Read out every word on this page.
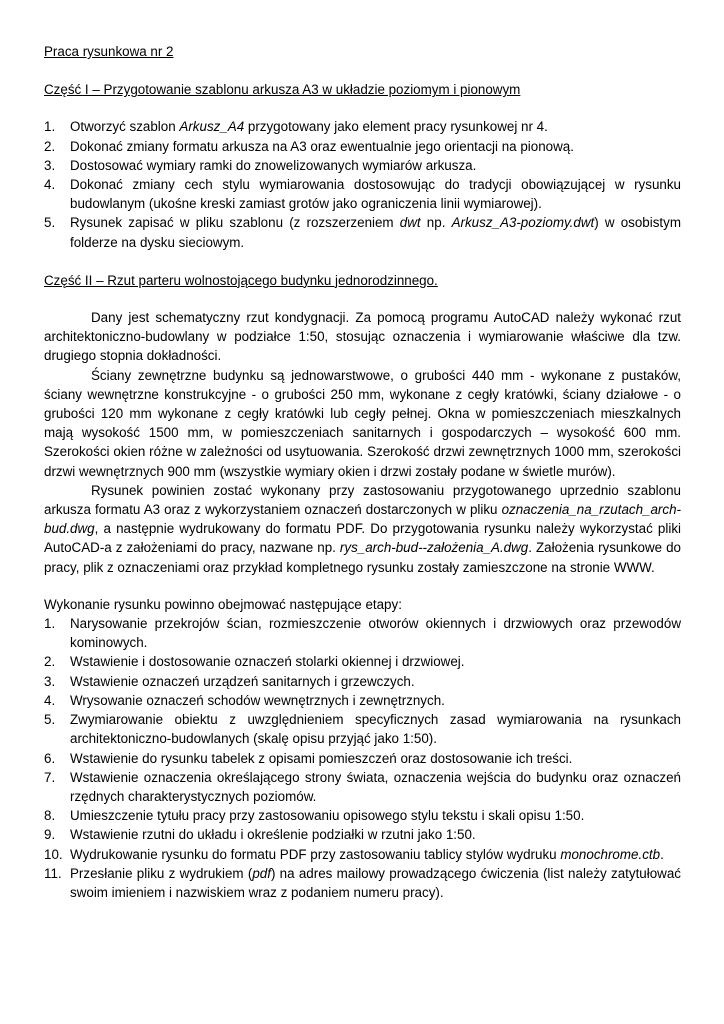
Praca rysunkowa nr 2
Część I – Przygotowanie szablonu arkusza A3 w układzie poziomym i pionowym
1. Otworzyć szablon Arkusz_A4 przygotowany jako element pracy rysunkowej nr 4.
2. Dokonać zmiany formatu arkusza na A3 oraz ewentualnie jego orientacji na pionową.
3. Dostosować wymiary ramki do znowelizowanych wymiarów arkusza.
4. Dokonać zmiany cech stylu wymiarowania dostosowując do tradycji obowiązującej w rysunku budowlanym (ukośne kreski zamiast grotów jako ograniczenia linii wymiarowej).
5. Rysunek zapisać w pliku szablonu (z rozszerzeniem dwt np. Arkusz_A3-poziomy.dwt) w osobistym folderze na dysku sieciowym.
Część II – Rzut parteru wolnostojącego budynku jednorodzinnego.

Dany jest schematyczny rzut kondygnacji. Za pomocą programu AutoCAD należy wykonać rzut architektoniczno-budowlany w podziałce 1:50, stosując oznaczenia i wymiarowanie właściwe dla tzw. drugiego stopnia dokładności.

Ściany zewnętrzne budynku są jednowarstwowe, o grubości 440 mm - wykonane z pustaków, ściany wewnętrzne konstrukcyjne - o grubości 250 mm, wykonane z cegły kratówki, ściany działowe - o grubości 120 mm wykonane z cegły kratówki lub cegły pełnej. Okna w pomieszczeniach mieszkalnych mają wysokość 1500 mm, w pomieszczeniach sanitarnych i gospodarczych – wysokość 600 mm. Szerokości okien różne w zależności od usytuowania. Szerokość drzwi zewnętrznych 1000 mm, szerokości drzwi wewnętrznych 900 mm (wszystkie wymiary okien i drzwi zostały podane w świetle murów).

Rysunek powinien zostać wykonany przy zastosowaniu przygotowanego uprzednio szablonu arkusza formatu A3 oraz z wykorzystaniem oznaczeń dostarczonych w pliku oznaczenia_na_rzutach_arch-bud.dwg, a następnie wydrukowany do formatu PDF. Do przygotowania rysunku należy wykorzystać pliki AutoCAD-a z założeniami do pracy, nazwane np. rys_arch-bud--założenia_A.dwg. Założenia rysunkowe do pracy, plik z oznaczeniami oraz przykład kompletnego rysunku zostały zamieszczone na stronie WWW.

Wykonanie rysunku powinno obejmować następujące etapy:

1. Narysowanie przekrojów ścian, rozmieszczenie otworów okiennych i drzwiowych oraz przewodów kominowych.
2. Wstawienie i dostosowanie oznaczeń stolarki okiennej i drzwiowej.
3. Wstawienie oznaczeń urządzeń sanitarnych i grzewczych.
4. Wrysowanie oznaczeń schodów wewnętrznych i zewnętrznych.
5. Zwymiarowanie obiektu z uwzględnieniem specyficznych zasad wymiarowania na rysunkach architektoniczno-budowlanych (skalę opisu przyjąć jako 1:50).
6. Wstawienie do rysunku tabelek z opisami pomieszczeń oraz dostosowanie ich treści.
7. Wstawienie oznaczenia określającego strony świata, oznaczenia wejścia do budynku oraz oznaczeń rzędnych charakterystycznych poziomów.
8. Umieszczenie tytułu pracy przy zastosowaniu opisowego stylu tekstu i skali opisu 1:50.
9. Wstawienie rzutni do układu i określenie podziałki w rzutni jako 1:50.
10. Wydrukowanie rysunku do formatu PDF przy zastosowaniu tablicy stylów wydruku monochrome.ctb.
11. Przesłanie pliku z wydrukiem (pdf) na adres mailowy prowadzącego ćwiczenia (list należy zatytułować swoim imieniem i nazwiskiem wraz z podaniem numeru pracy).
